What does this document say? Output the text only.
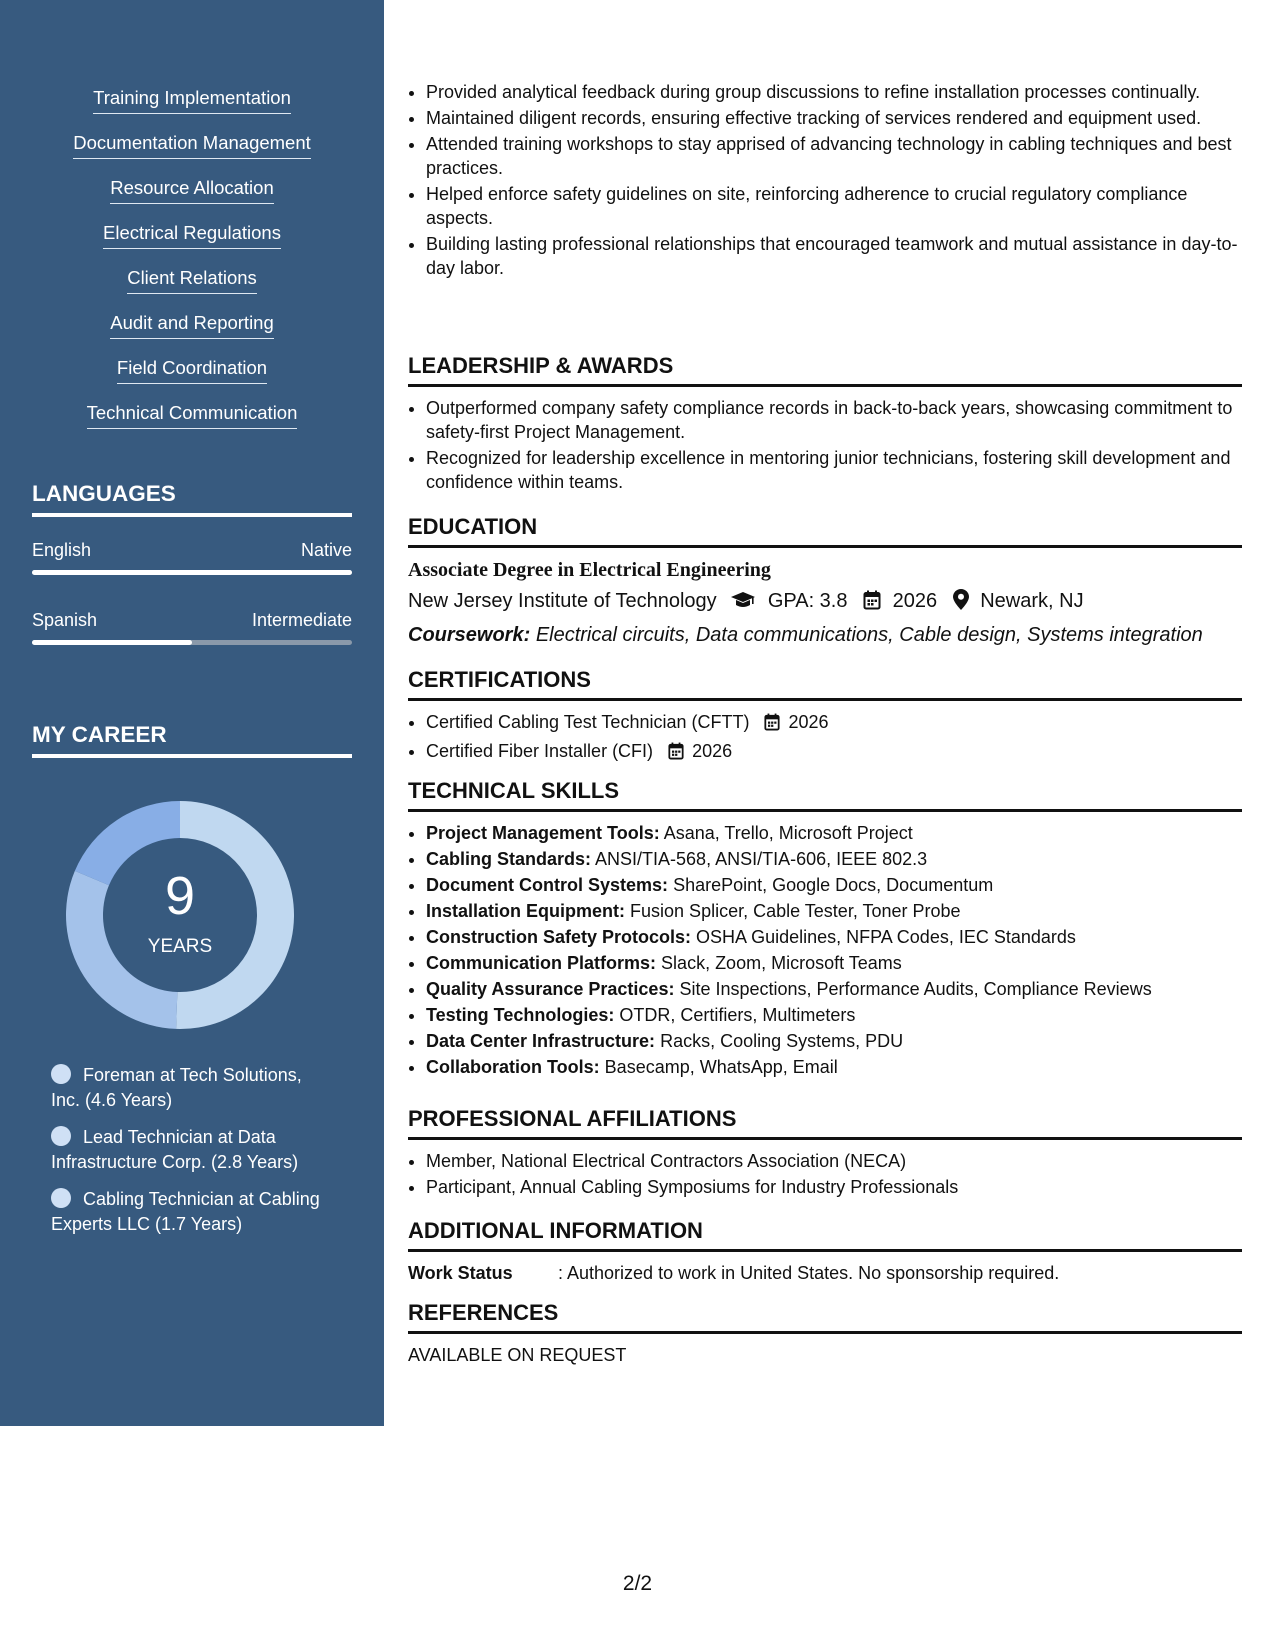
Training Implementation
Documentation Management
Resource Allocation
Electrical Regulations
Client Relations
Audit and Reporting
Field Coordination
Technical Communication
LANGUAGES
English	Native
Spanish	Intermediate
MY CAREER
9
YEARS
Foreman at Tech Solutions, Inc. (4.6 Years)
Lead Technician at Data Infrastructure Corp. (2.8 Years)
Cabling Technician at Cabling Experts LLC (1.7 Years)
• Provided analytical feedback during group discussions to refine installation processes continually.
• Maintained diligent records, ensuring effective tracking of services rendered and equipment used.
• Attended training workshops to stay apprised of advancing technology in cabling techniques and best practices.
• Helped enforce safety guidelines on site, reinforcing adherence to crucial regulatory compliance aspects.
• Building lasting professional relationships that encouraged teamwork and mutual assistance in day-to-day labor.
LEADERSHIP & AWARDS
• Outperformed company safety compliance records in back-to-back years, showcasing commitment to safety-first Project Management.
• Recognized for leadership excellence in mentoring junior technicians, fostering skill development and confidence within teams.
EDUCATION
Associate Degree in Electrical Engineering
New Jersey Institute of Technology	GPA: 3.8 2026 Newark, NJ
Coursework: Electrical circuits, Data communications, Cable design, Systems integration
CERTIFICATIONS
• Certified Cabling Test Technician (CFTT) 2026
• Certified Fiber Installer (CFI) 2026
TECHNICAL SKILLS
• Project Management Tools: Asana, Trello, Microsoft Project
• Cabling Standards: ANSI/TIA-568, ANSI/TIA-606, IEEE 802.3
• Document Control Systems: SharePoint, Google Docs, Documentum
• Installation Equipment: Fusion Splicer, Cable Tester, Toner Probe
• Construction Safety Protocols: OSHA Guidelines, NFPA Codes, IEC Standards
• Communication Platforms: Slack, Zoom, Microsoft Teams
• Quality Assurance Practices: Site Inspections, Performance Audits, Compliance Reviews
• Testing Technologies: OTDR, Certifiers, Multimeters
• Data Center Infrastructure: Racks, Cooling Systems, PDU
• Collaboration Tools: Basecamp, WhatsApp, Email
PROFESSIONAL AFFILIATIONS
• Member, National Electrical Contractors Association (NECA)
• Participant, Annual Cabling Symposiums for Industry Professionals
ADDITIONAL INFORMATION
Work Status	: Authorized to work in United States. No sponsorship required.
REFERENCES
AVAILABLE ON REQUEST
2/2
